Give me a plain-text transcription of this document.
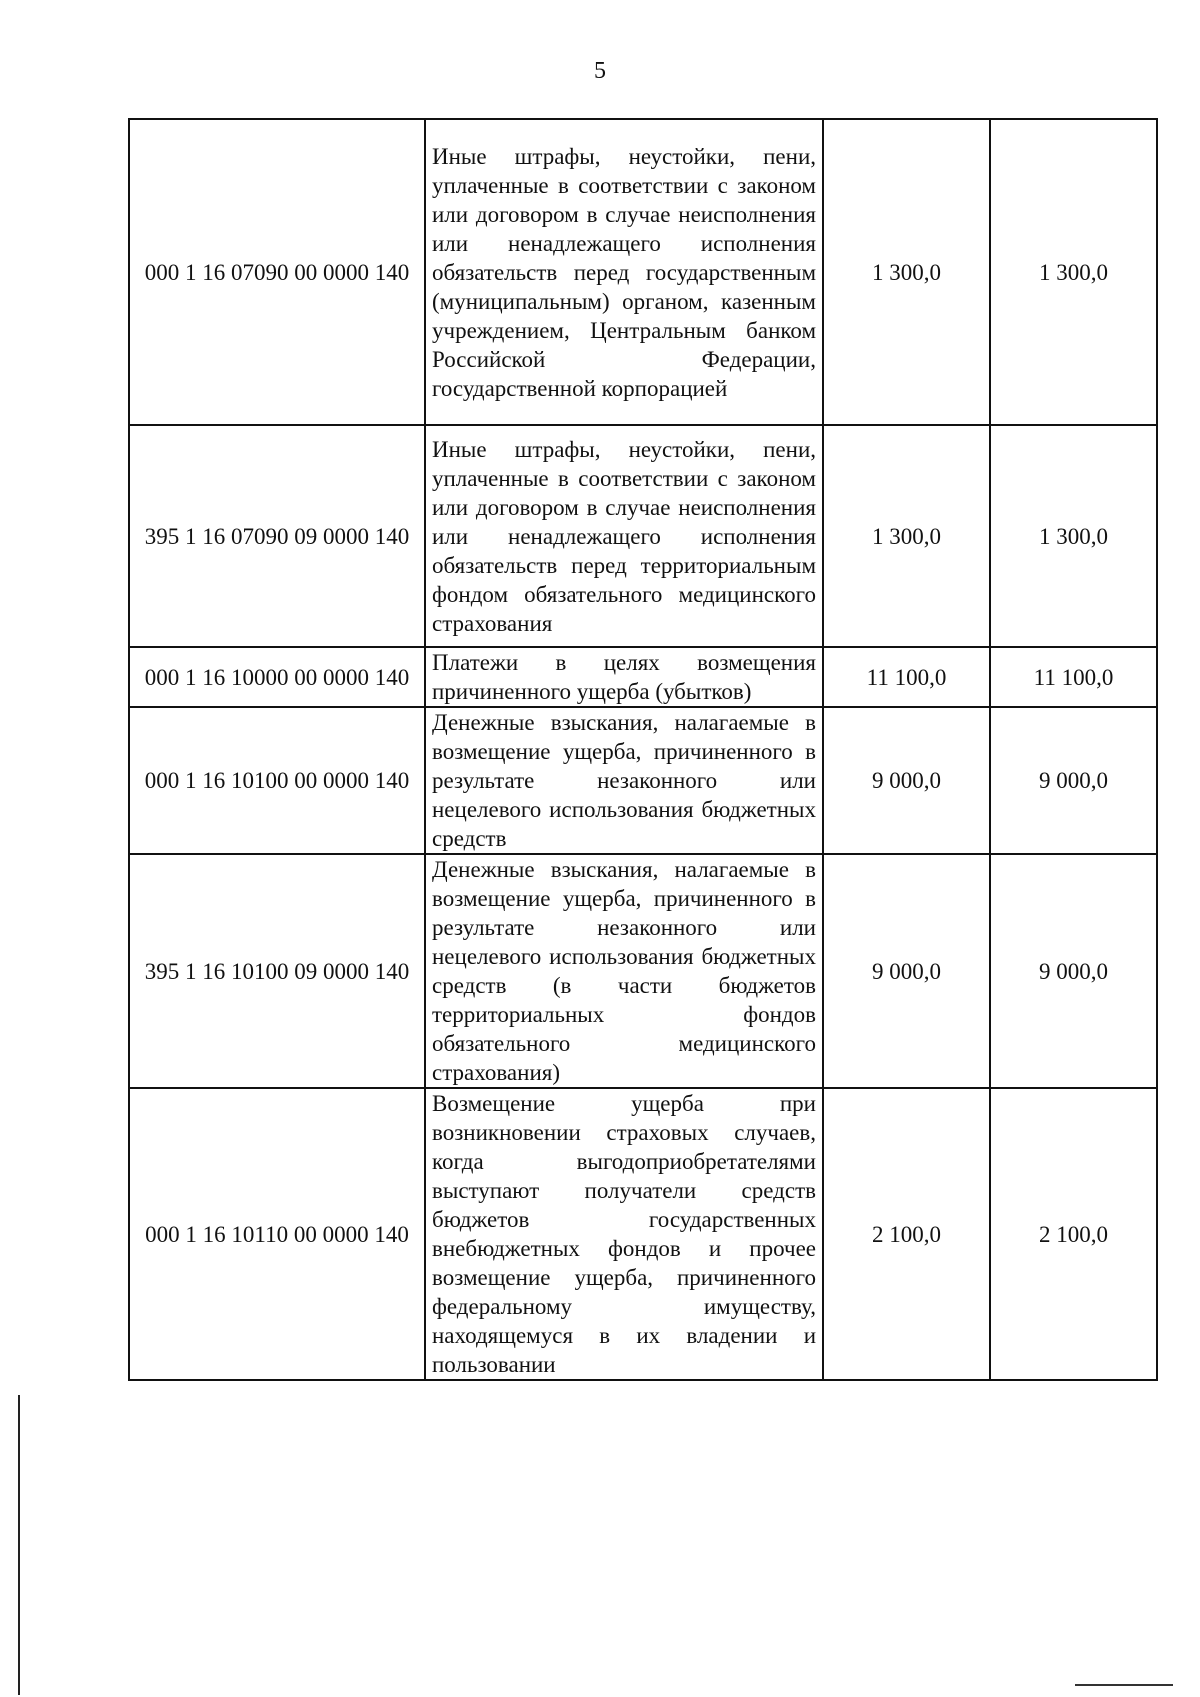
5
000 1 16 07090 00 0000 140	Иные штрафы, неустойки, пени, уплаченные в соответствии с законом или договором в случае неисполнения или ненадлежащего исполнения обязательств перед государственным (муниципальным) органом, казенным учреждением, Центральным банком Российской Федерации, государственной корпорацией	1 300,0	1 300,0
395 1 16 07090 09 0000 140	Иные штрафы, неустойки, пени, уплаченные в соответствии с законом или договором в случае неисполнения или ненадлежащего исполнения обязательств перед территориальным фондом обязательного медицинского страхования	1 300,0	1 300,0
000 1 16 10000 00 0000 140	Платежи в целях возмещения причиненного ущерба (убытков)	11 100,0	11 100,0
000 1 16 10100 00 0000 140	Денежные взыскания, налагаемые в возмещение ущерба, причиненного в результате незаконного или нецелевого использования бюджетных средств	9 000,0	9 000,0
395 1 16 10100 09 0000 140	Денежные взыскания, налагаемые в возмещение ущерба, причиненного в результате незаконного или нецелевого использования бюджетных средств (в части бюджетов территориальных фондов обязательного медицинского страхования)	9 000,0	9 000,0
000 1 16 10110 00 0000 140	Возмещение ущерба при возникновении страховых случаев, когда выгодоприобретателями выступают получатели средств бюджетов государственных внебюджетных фондов и прочее возмещение ущерба, причиненного федеральному имуществу, находящемуся в их владении и пользовании	2 100,0	2 100,0
